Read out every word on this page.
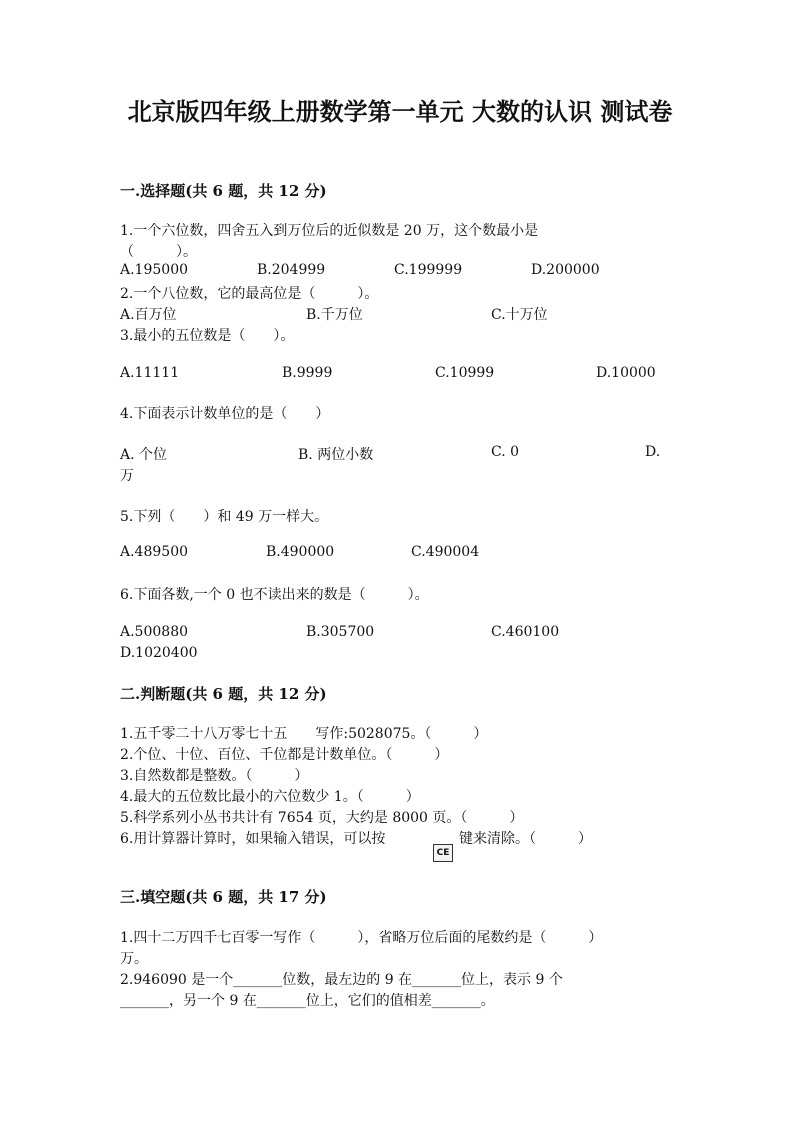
北京版四年级上册数学第一单元 大数的认识 测试卷
一.选择题(共 6 题，共 12 分)
1.一个六位数，四舍五入到万位后的近似数是 20 万，这个数最小是
（　　　）。
A.195000	B.204999	C.199999	D.200000
2.一个八位数，它的最高位是（　　　）。
A.百万位	B.千万位	C.十万位
3.最小的五位数是（　　）。
A.11111	B.9999	C.10999	D.10000
4.下面表示计数单位的是（　　）
A. 个位	B. 两位小数	C. 0	D.
万
5.下列（　　）和 49 万一样大。
A.489500	B.490000	C.490004
6.下面各数,一个 0 也不读出来的数是（　　　）。
A.500880	B.305700	C.460100
D.1020400
二.判断题(共 6 题，共 12 分)
1.五千零二十八万零七十五　　写作:5028075。（　　　）
2.个位、十位、百位、千位都是计数单位。（　　　）
3.自然数都是整数。（　　　）
4.最大的五位数比最小的六位数少 1。（　　　）
5.科学系列小丛书共计有 7654 页，大约是 8000 页。（　　　）
6.用计算器计算时，如果输入错误，可以按
CE
键来清除。（　　　）
三.填空题(共 6 题，共 17 分)
1.四十二万四千七百零一写作（　　　），省略万位后面的尾数约是（　　　）
万。
2.946090 是一个_______位数，最左边的 9 在_______位上，表示 9 个
_______，另一个 9 在_______位上，它们的值相差_______。
